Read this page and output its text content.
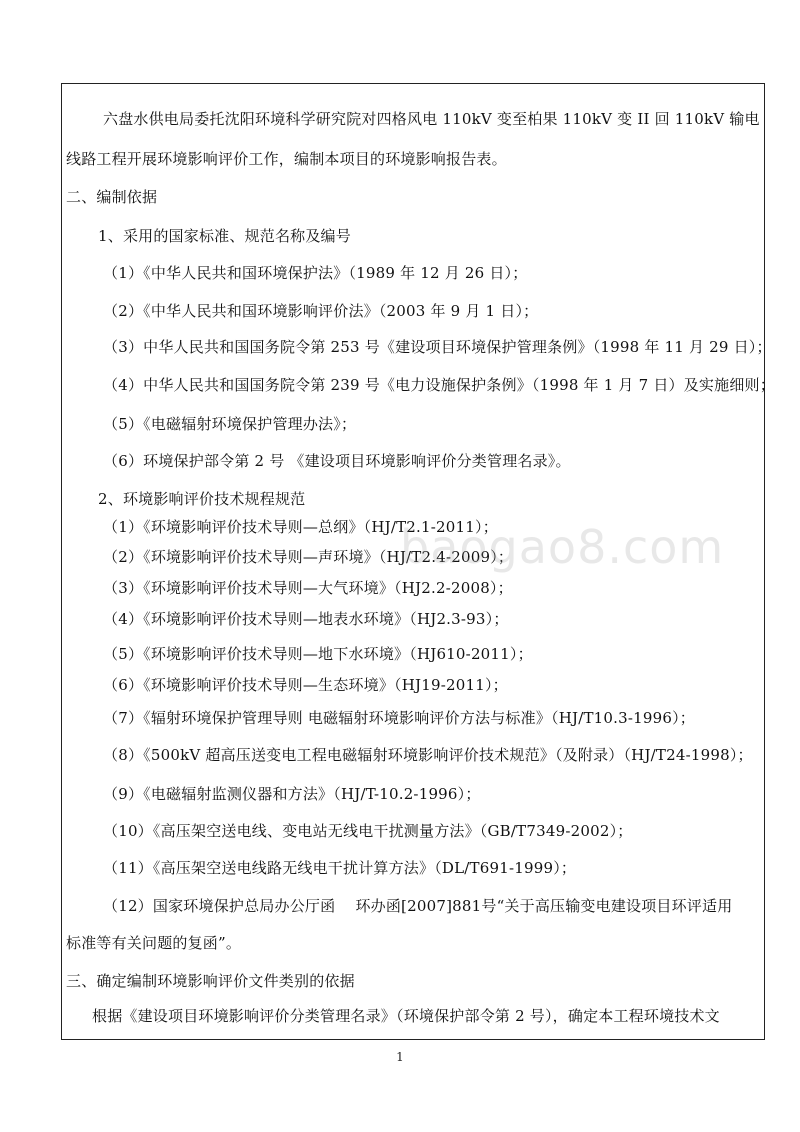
六盘水供电局委托沈阳环境科学研究院对四格风电 110kV 变至柏果 110kV 变 II 回 110kV 输电
线路工程开展环境影响评价工作，编制本项目的环境影响报告表。
二、编制依据
1、采用的国家标准、规范名称及编号
（1）《中华人民共和国环境保护法》（1989 年 12 月 26 日）；
（2）《中华人民共和国环境影响评价法》（2003 年 9 月 1 日）；
（3）中华人民共和国国务院令第 253 号《建设项目环境保护管理条例》（1998 年 11 月 29 日）；
（4）中华人民共和国国务院令第 239 号《电力设施保护条例》（1998 年 1 月 7 日）及实施细则；
（5）《电磁辐射环境保护管理办法》；
（6）环境保护部令第 2 号 《建设项目环境影响评价分类管理名录》。
2、环境影响评价技术规程规范
（1）《环境影响评价技术导则—总纲》（HJ/T2.1-2011）；
（2）《环境影响评价技术导则—声环境》（HJ/T2.4-2009）；
（3）《环境影响评价技术导则—大气环境》（HJ2.2-2008）；
（4）《环境影响评价技术导则—地表水环境》（HJ2.3-93）；
（5）《环境影响评价技术导则—地下水环境》（HJ610-2011）；
（6）《环境影响评价技术导则—生态环境》（HJ19-2011）；
（7）《辐射环境保护管理导则 电磁辐射环境影响评价方法与标准》（HJ/T10.3-1996）；
（8）《500kV 超高压送变电工程电磁辐射环境影响评价技术规范》（及附录）（HJ/T24-1998）；
（9）《电磁辐射监测仪器和方法》（HJ/T-10.2-1996）；
（10）《高压架空送电线、变电站无线电干扰测量方法》（GB/T7349-2002）；
（11）《高压架空送电线路无线电干扰计算方法》（DL/T691-1999）；
（12）国家环境保护总局办公厅函 　环办函[2007]881号“关于高压输变电建设项目环评适用
标准等有关问题的复函”。
三、确定编制环境影响评价文件类别的依据
根据《建设项目环境影响评价分类管理名录》（环境保护部令第 2 号），确定本工程环境技术文
baogao8.com
1
